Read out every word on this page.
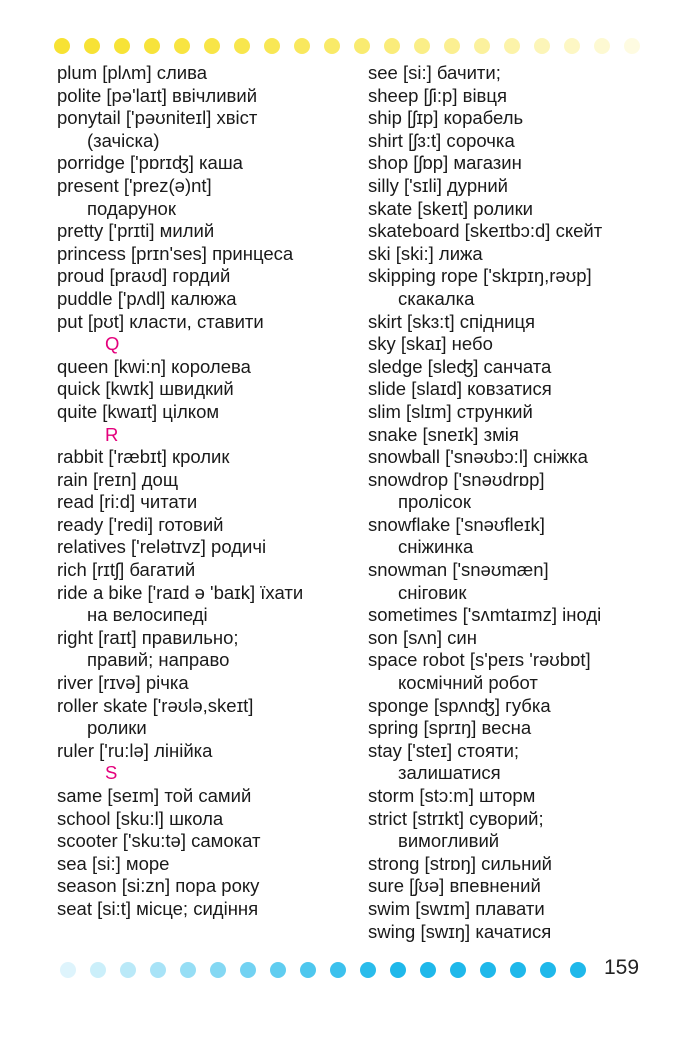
plum [plʌm] слива
polite [pə'laɪt] ввічливий
ponytail ['pəʊniteɪl] хвіст
(зачіска)
porridge ['pɒrɪʤ] каша
present ['prez(ə)nt]
подарунок
pretty ['prɪti] милий
princess [prɪn'ses] принцеса
proud [praʊd] гордий
puddle ['pʌdl] калюжа
put [pʊt] класти, ставити
Q
queen [kwi:n] королева
quick [kwɪk] швидкий
quite [kwaɪt] цілком
R
rabbit ['ræbɪt] кролик
rain [reɪn] дощ
read [ri:d] читати
ready ['redi] готовий
relatives ['relətɪvz] родичі
rich [rɪtʃ] багатий
ride a bike ['raɪd ə 'baɪk] їхати
на велосипеді
right [raɪt] правильно;
правий; направо
river [rɪvə] річка
roller skate ['rəʊlə,skeɪt]
ролики
ruler ['ru:lə] лінійка
S
same [seɪm] той самий
school [sku:l] школа
scooter ['sku:tə] самокат
sea [si:] море
season [si:zn] пора року
seat [si:t] місце; сидіння
see [si:] бачити;
sheep [ʃi:p] вівця
ship [ʃɪp] корабель
shirt [ʃɜ:t] сорочка
shop [ʃɒp] магазин
silly ['sɪli] дурний
skate [skeɪt] ролики
skateboard [skeɪtbɔ:d] скейт
ski [ski:] лижа
skipping rope ['skɪpɪŋ,rəʊp]
скакалка
skirt [skɜ:t] спідниця
sky [skaɪ] небо
sledge [sleʤ] санчата
slide [slaɪd] ковзатися
slim [slɪm] стрункий
snake [sneɪk] змія
snowball ['snəʊbɔ:l] сніжка
snowdrop ['snəʊdrɒp]
пролісок
snowflake ['snəʊfleɪk]
сніжинка
snowman ['snəʊmæn]
сніговик
sometimes ['sʌmtaɪmz] іноді
son [sʌn] син
space robot [s'peɪs 'rəʊbɒt]
космічний робот
sponge [spʌnʤ] губка
spring [sprɪŋ] весна
stay ['steɪ] стояти;
залишатися
storm [stɔ:m] шторм
strict [strɪkt] суворий;
вимогливий
strong [strɒŋ] сильний
sure [ʃʊə] впевнений
swim [swɪm] плавати
swing [swɪŋ] качатися
159
